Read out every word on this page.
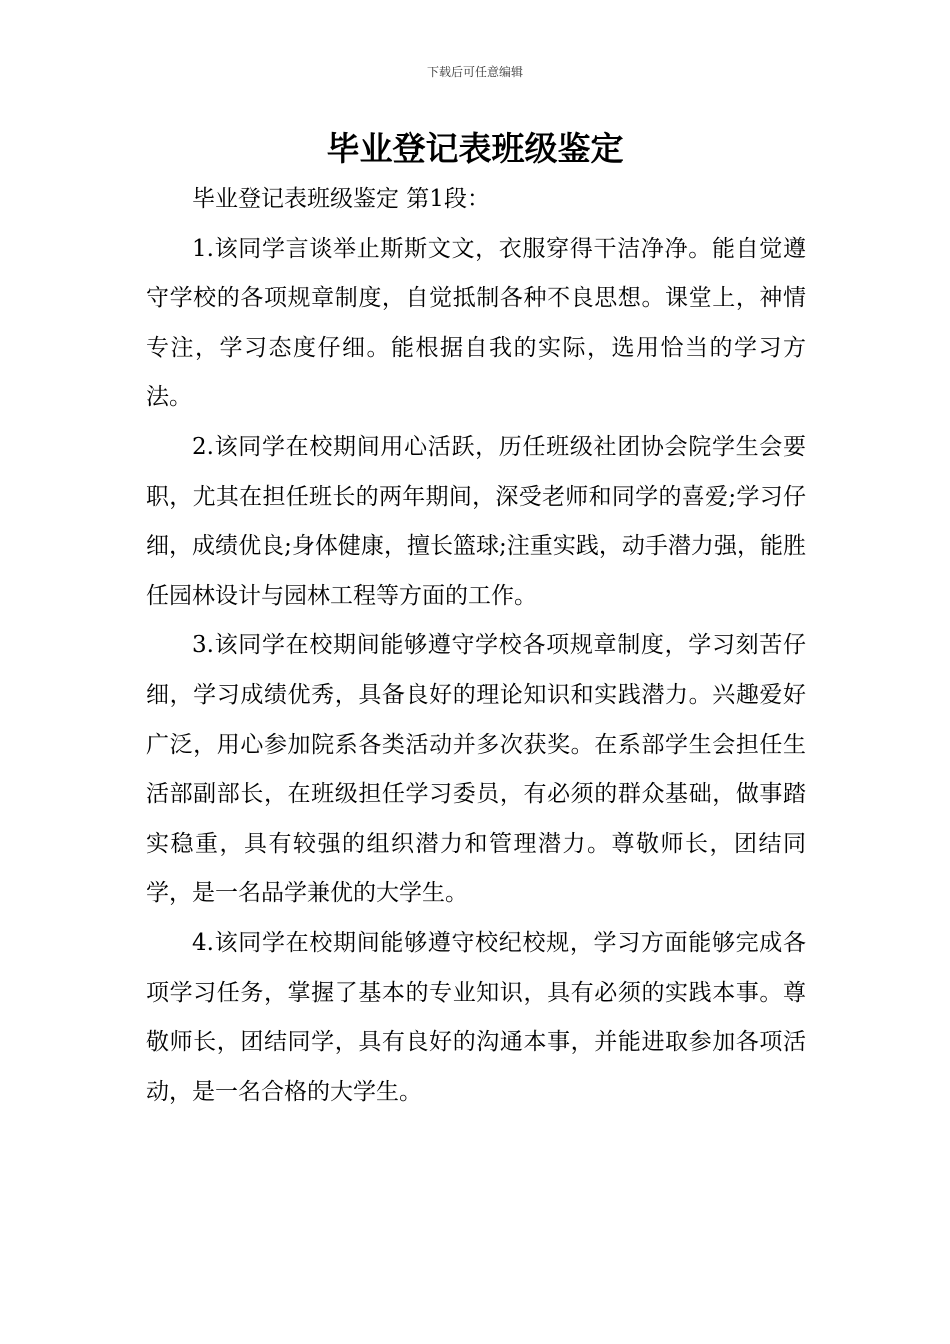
下载后可任意编辑
毕业登记表班级鉴定

毕业登记表班级鉴定 第1段：

1.该同学言谈举止斯斯文文，衣服穿得干洁净净。能自觉遵守学校的各项规章制度，自觉抵制各种不良思想。课堂上，神情专注，学习态度仔细。能根据自我的实际，选用恰当的学习方法。

2.该同学在校期间用心活跃，历任班级社团协会院学生会要职，尤其在担任班长的两年期间，深受老师和同学的喜爱;学习仔细，成绩优良;身体健康，擅长篮球;注重实践，动手潜力强，能胜任园林设计与园林工程等方面的工作。

3.该同学在校期间能够遵守学校各项规章制度，学习刻苦仔细，学习成绩优秀，具备良好的理论知识和实践潜力。兴趣爱好广泛，用心参加院系各类活动并多次获奖。在系部学生会担任生活部副部长，在班级担任学习委员，有必须的群众基础，做事踏实稳重，具有较强的组织潜力和管理潜力。尊敬师长，团结同学，是一名品学兼优的大学生。

4.该同学在校期间能够遵守校纪校规，学习方面能够完成各项学习任务，掌握了基本的专业知识，具有必须的实践本事。尊敬师长，团结同学，具有良好的沟通本事，并能进取参加各项活动，是一名合格的大学生。
